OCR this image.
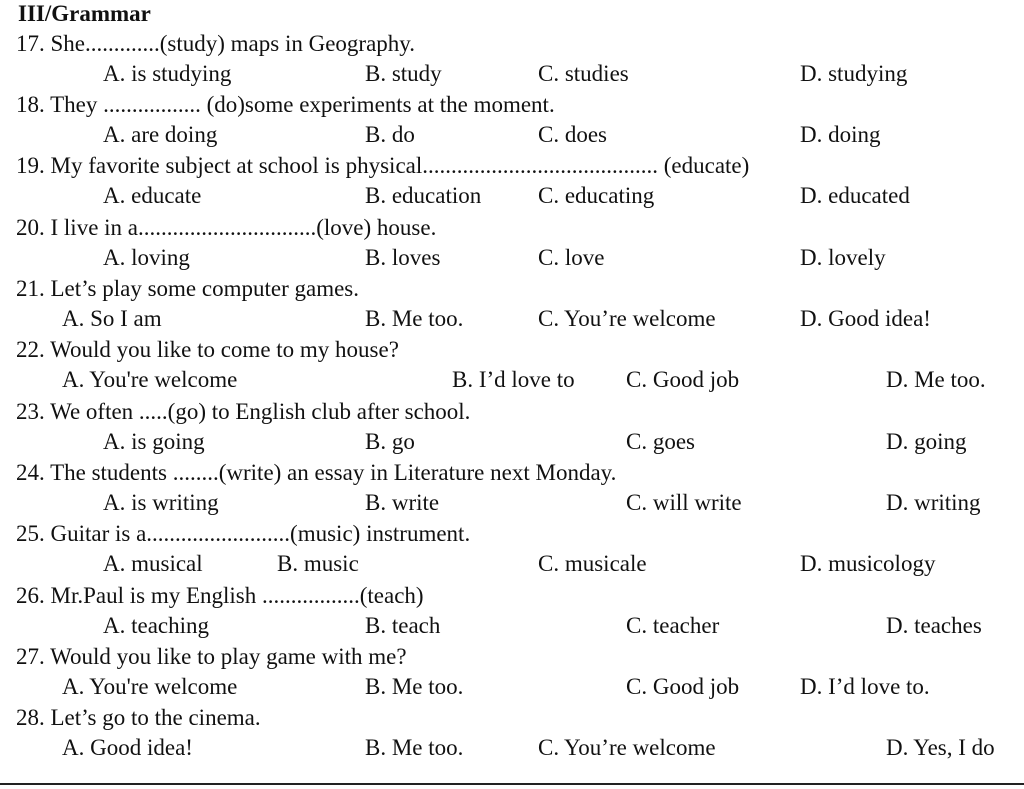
III/Grammar
17. She.............(study) maps in Geography.
A. is studying	B. study	C. studies	D. studying
18. They ................. (do)some experiments at the moment.
A. are doing	B. do	C. does	D. doing
19. My favorite subject at school is physical......................................... (educate)
A. educate	B. education C. educating	D. educated
20. I live in a...............................(love) house.
A. loving	B. loves	C. love	D. lovely
21. Let’s play some computer games.
A. So I am	B. Me too.	C. You’re welcome	D. Good idea!
22. Would you like to come to my house?
A. You're welcome	B. I’d love to C. Good job	D. Me too.
23. We often .....(go) to English club after school.
A. is going	B. go	C. goes	D. going
24. The students ........(write) an essay in Literature next Monday.
A. is writing	B. write	C. will write	D. writing
25. Guitar is a.........................(music) instrument.
A. musical	B. music	C. musicale	D. musicology
26. Mr.Paul is my English .................(teach)
A. teaching	B. teach	C. teacher	D. teaches
27. Would you like to play game with me?
A. You're welcome	B. Me too.	C. Good job	D. I’d love to.
28. Let’s go to the cinema.
A. Good idea!	B. Me too.	C. You’re welcome	D. Yes, I do
